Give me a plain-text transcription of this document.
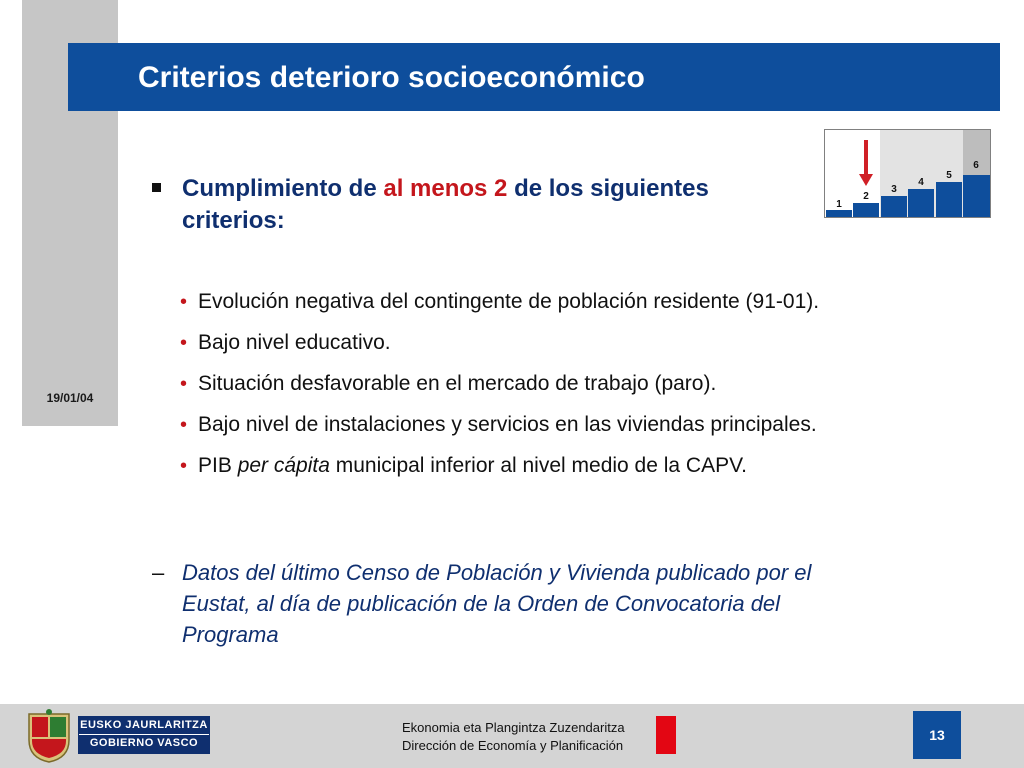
19/01/04
Criterios deterioro socioeconómico
1
2
3
4
5
6

Cumplimiento de al menos 2 de los siguientes criterios:

• Evolución negativa del contingente de población residente (91-01).
• Bajo nivel educativo.
• Situación desfavorable en el mercado de trabajo (paro).
• Bajo nivel de instalaciones y servicios en las viviendas principales.
• PIB per cápita municipal inferior al nivel medio de la CAPV.
– Datos del último Censo de Población y Vivienda publicado por el Eustat, al día de publicación de la Orden de Convocatoria del Programa

EUSKO JAURLARITZA
GOBIERNO VASCO
Ekonomia eta Plangintza Zuzendaritza
Dirección de Economía y Planificación
13
